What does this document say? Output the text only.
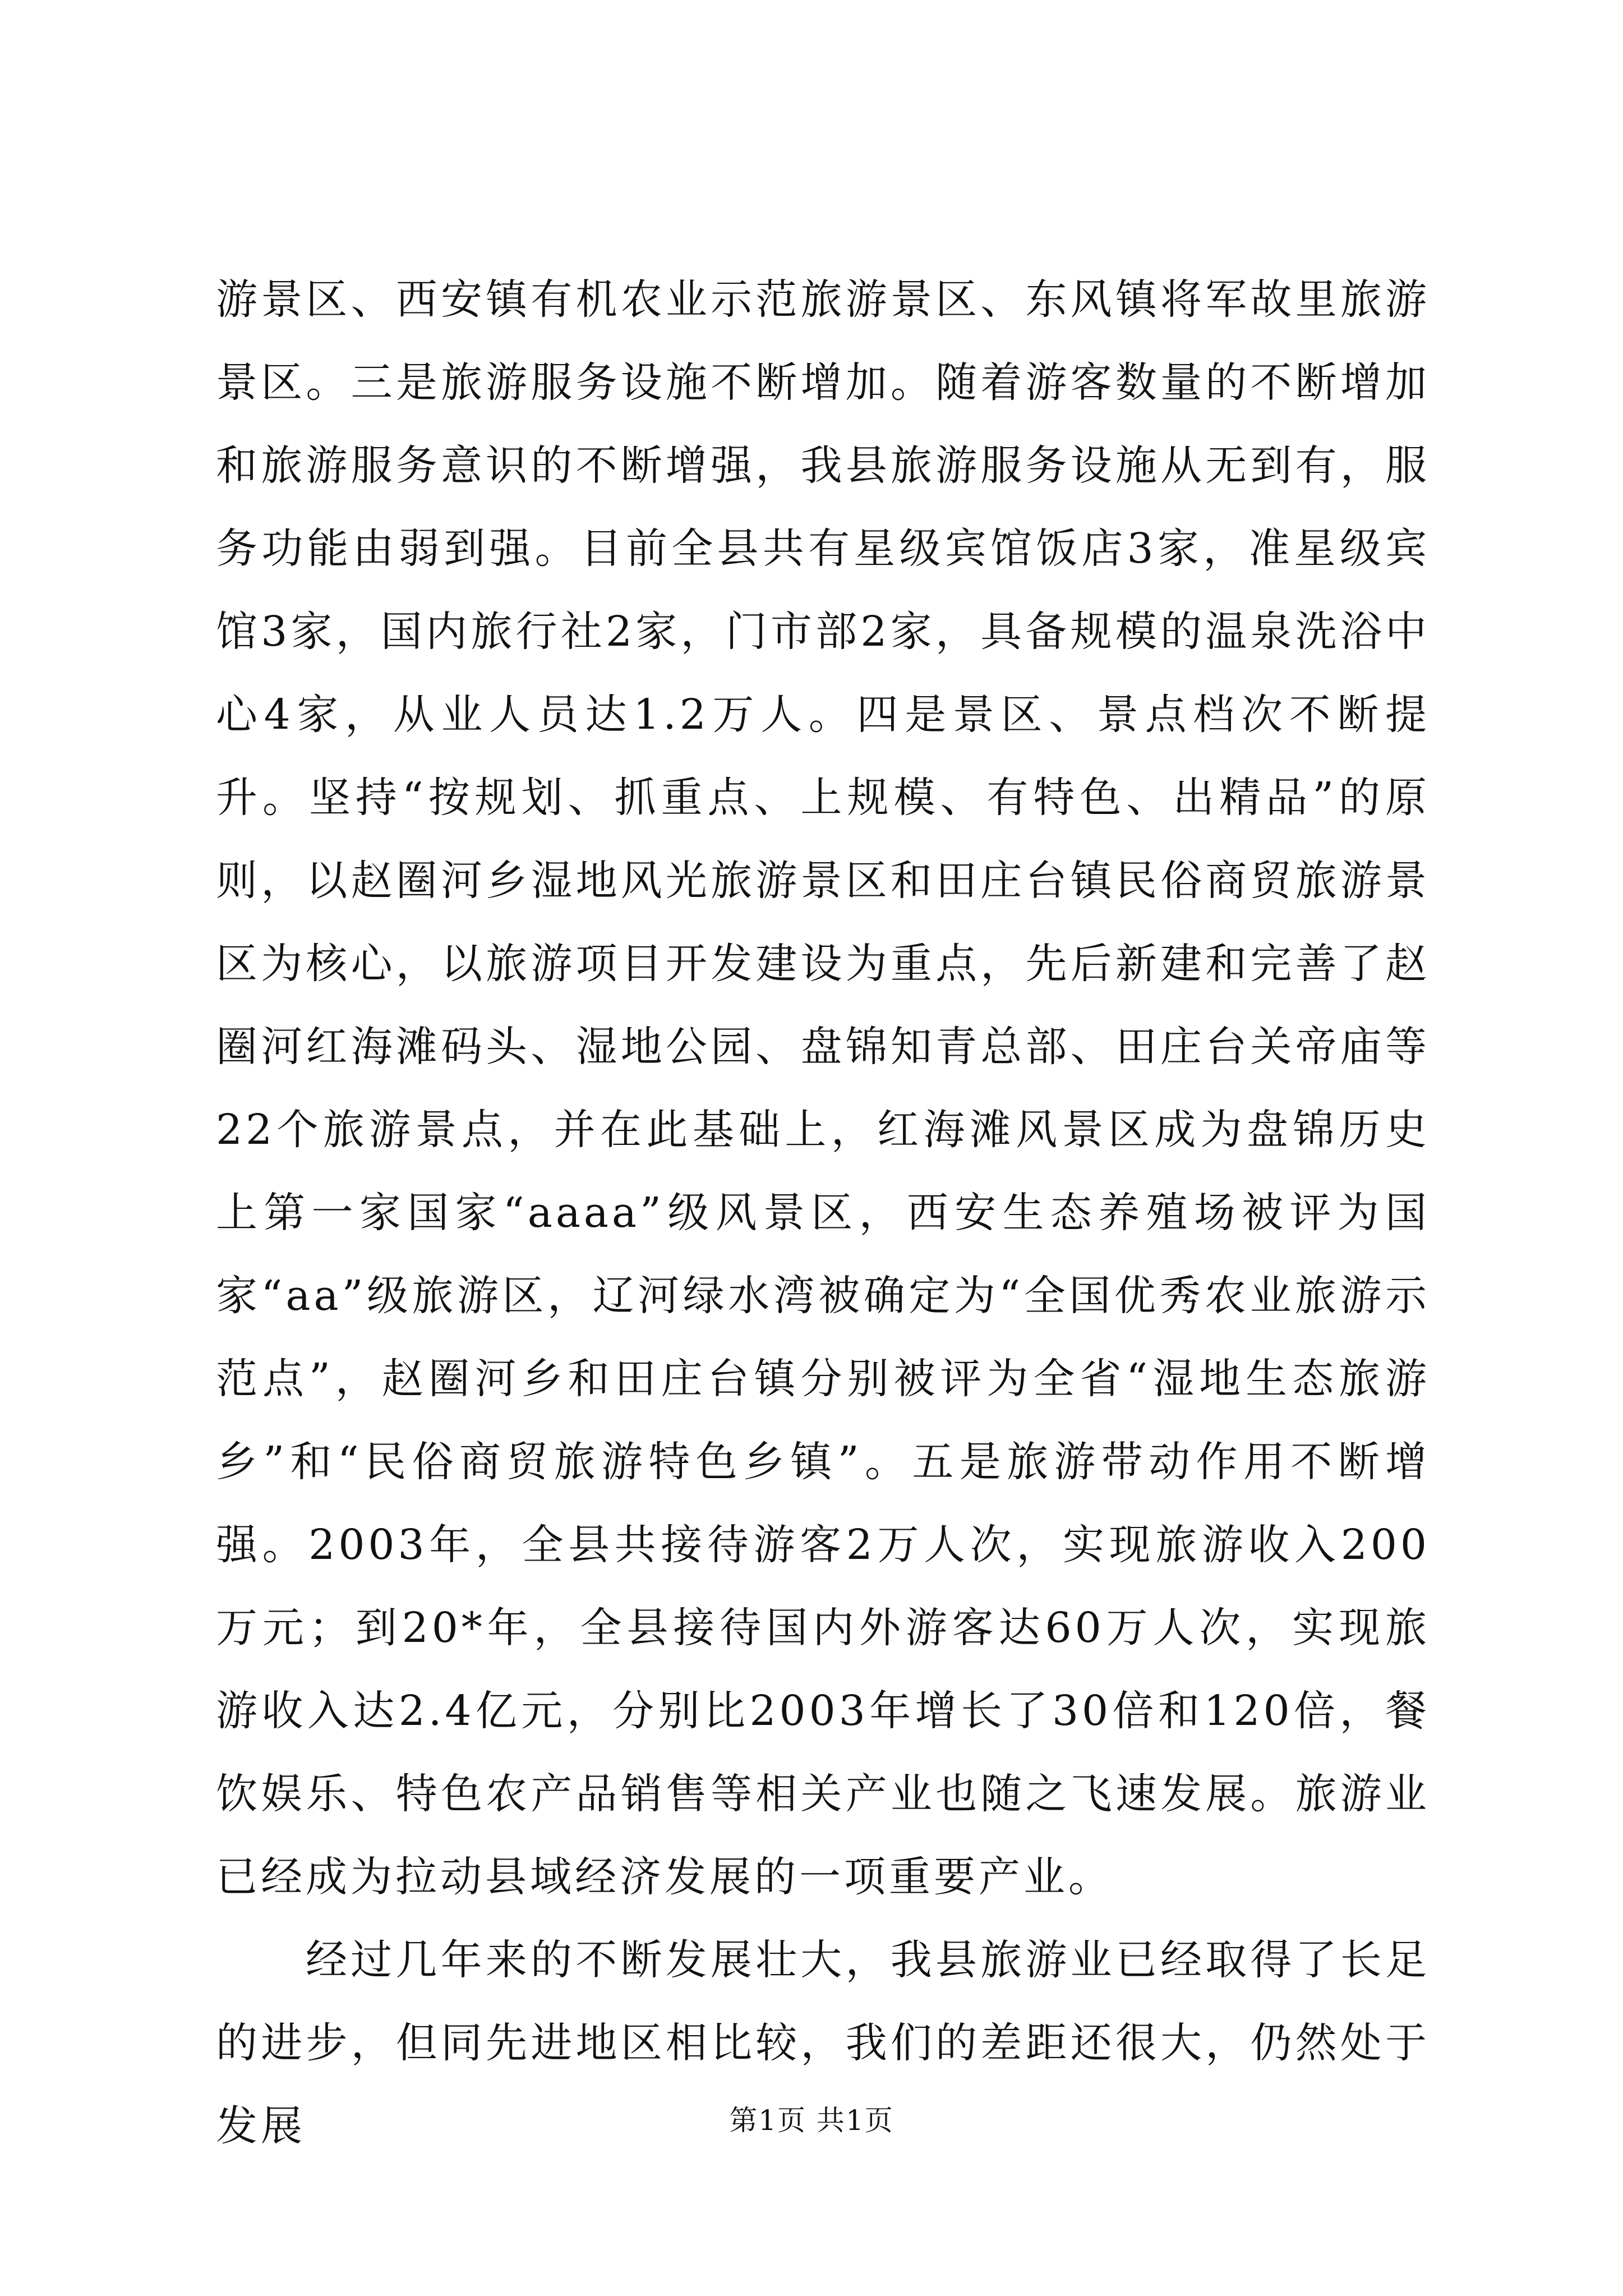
游景区、西安镇有机农业示范旅游景区、东风镇将军故里旅游景区。三是旅游服务设施不断增加。随着游客数量的不断增加和旅游服务意识的不断增强，我县旅游服务设施从无到有，服务功能由弱到强。目前全县共有星级宾馆饭店3家，准星级宾馆3家，国内旅行社2家，门市部2家，具备规模的温泉洗浴中心4家，从业人员达1.2万人。四是景区、景点档次不断提升。坚持“按规划、抓重点、上规模、有特色、出精品”的原则，以赵圈河乡湿地风光旅游景区和田庄台镇民俗商贸旅游景区为核心，以旅游项目开发建设为重点，先后新建和完善了赵圈河红海滩码头、湿地公园、盘锦知青总部、田庄台关帝庙等22个旅游景点，并在此基础上，红海滩风景区成为盘锦历史上第一家国家“aaaa”级风景区，西安生态养殖场被评为国家“aa”级旅游区，辽河绿水湾被确定为“全国优秀农业旅游示范点”，赵圈河乡和田庄台镇分别被评为全省“湿地生态旅游乡”和“民俗商贸旅游特色乡镇”。五是旅游带动作用不断增强。2003年，全县共接待游客2万人次，实现旅游收入200万元；到20*年，全县接待国内外游客达60万人次，实现旅游收入达2.4亿元，分别比2003年增长了30倍和120倍，餐饮娱乐、特色农产品销售等相关产业也随之飞速发展。旅游业已经成为拉动县域经济发展的一项重要产业。

经过几年来的不断发展壮大，我县旅游业已经取得了长足的进步，但同先进地区相比较，我们的差距还很大，仍然处于发展	第1页 共1页
